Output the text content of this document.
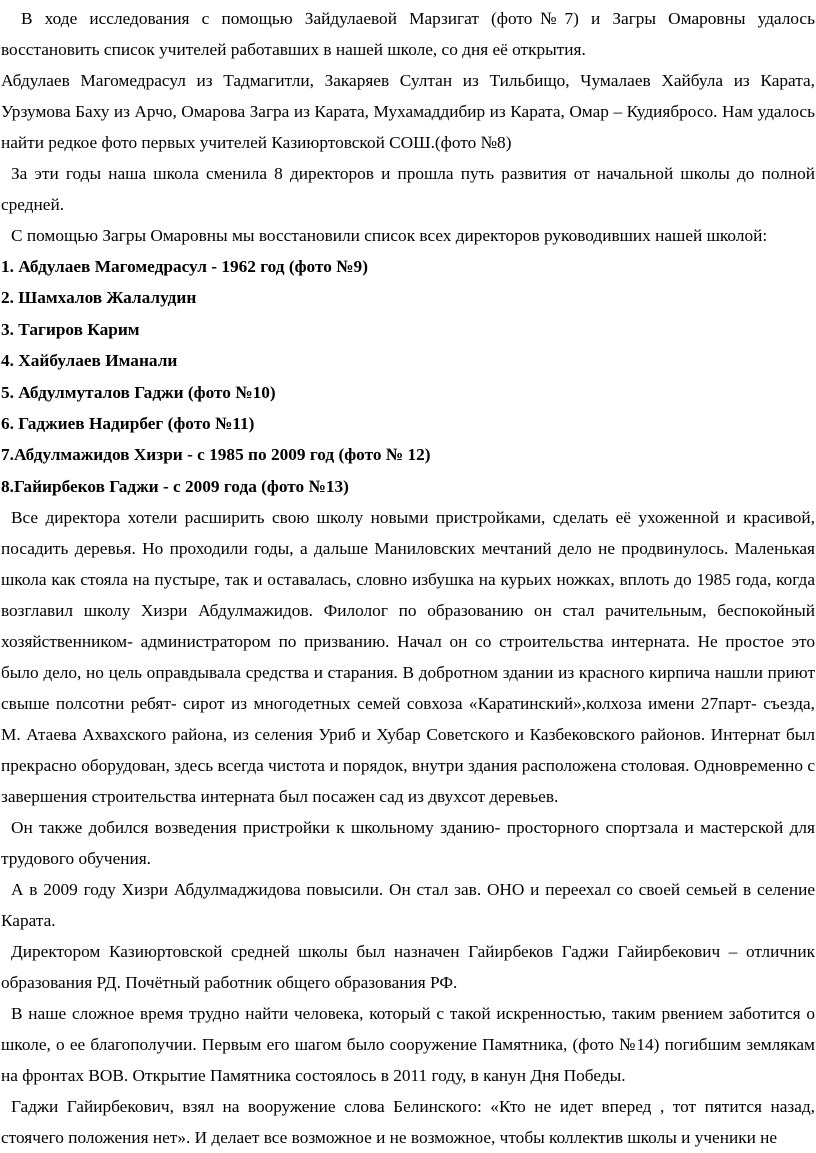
В ходе исследования с помощью Зайдулаевой Марзигат (фото№7) и Загры Омаровны удалось восстановить список учителей работавших в нашей школе, со дня её открытия.

Абдулаев Магомедрасул из Тадмагитли, Закаряев Султан из Тильбищо, Чумалаев Хайбула из Карата, Урзумова Баху из Арчо, Омарова Загра из Карата, Мухамаддибир из Карата, Омар – Кудиябросо. Нам удалось найти редкое фото первых учителей Казиюртовской СОШ.(фото №8)

За эти годы наша школа сменила 8 директоров и прошла путь развития от начальной школы до полной средней.

С помощью Загры Омаровны мы восстановили список всех директоров руководивших нашей школой:

1. Абдулаев Магомедрасул - 1962 год (фото №9)

2. Шамхалов Жалалудин

3. Тагиров Карим

4. Хайбулаев Иманали

5. Абдулмуталов Гаджи (фото №10)

6. Гаджиев Надирбег (фото №11)

7.Абдулмажидов Хизри - с 1985 по 2009 год (фото № 12)

8.Гайирбеков Гаджи - с 2009 года (фото №13)

Все директора хотели расширить свою школу новыми пристройками, сделать её ухоженной и красивой, посадить деревья. Но проходили годы, а дальше Маниловских мечтаний дело не продвинулось. Маленькая школа как стояла на пустыре, так и оставалась, словно избушка на курьих ножках, вплоть до 1985 года, когда возглавил школу Хизри Абдулмажидов. Филолог по образованию он стал рачительным, беспокойный хозяйственником- администратором по призванию. Начал он со строительства интерната. Не простое это было дело, но цель оправдывала средства и старания. В добротном здании из красного кирпича нашли приют свыше полсотни ребят- сирот из многодетных семей совхоза «Каратинский»,колхоза имени 27парт- съезда, М. Атаева Ахвахского района, из селения Уриб и Хубар Советского и Казбековского районов. Интернат был прекрасно оборудован, здесь всегда чистота и порядок, внутри здания расположена столовая. Одновременно с завершения строительства интерната был посажен сад из двухсот деревьев.

Он также добился возведения пристройки к школьному зданию- просторного спортзала и мастерской для трудового обучения.

А в 2009 году Хизри Абдулмаджидова повысили. Он стал зав. ОНО и переехал со своей семьей в селение Карата.

Директором Казиюртовской средней школы был назначен Гайирбеков Гаджи Гайирбекович – отличник образования РД. Почётный работник общего образования РФ.

В наше сложное время трудно найти человека, который с такой искренностью, таким рвением заботится о школе, о ее благополучии. Первым его шагом было сооружение Памятника, (фото №14) погибшим землякам на фронтах ВОВ. Открытие Памятника состоялось в 2011 году, в канун Дня Победы.

Гаджи Гайирбекович, взял на вооружение слова Белинского: «Кто не идет вперед , тот пятится назад, стоячего положения нет». И делает все возможное и не возможное, чтобы коллектив школы и ученики не
